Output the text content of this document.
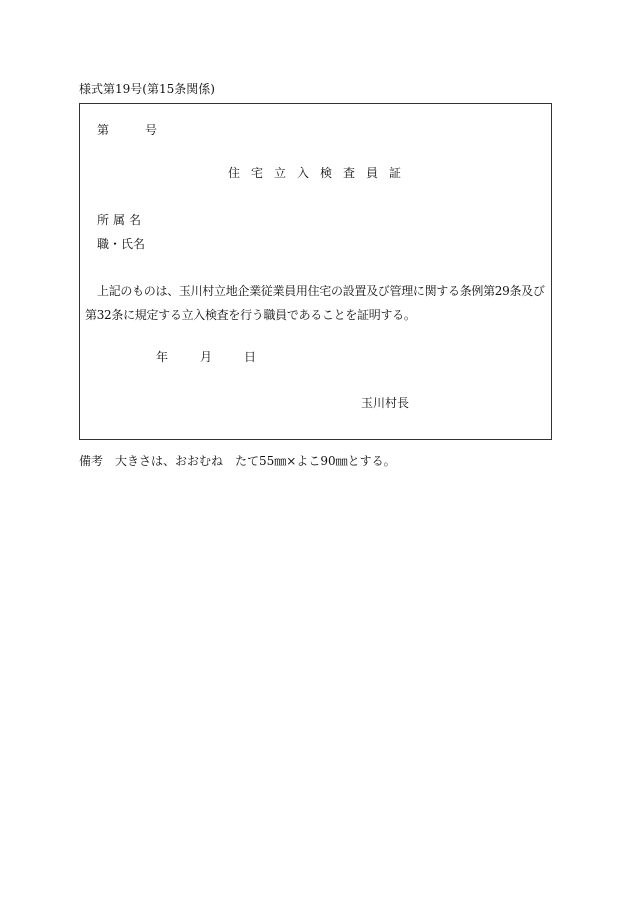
様式第19号(第15条関係)
第	号
住宅立入検査員証
所属名
職・氏名
上記のものは、玉川村立地企業従業員用住宅の設置及び管理に関する条例第29条及び第32条に規定する立入検査を行う職員であることを証明する。
年	月	日
玉川村長
備考 大きさは、おおむね　たて55㎜×よこ90㎜とする。
